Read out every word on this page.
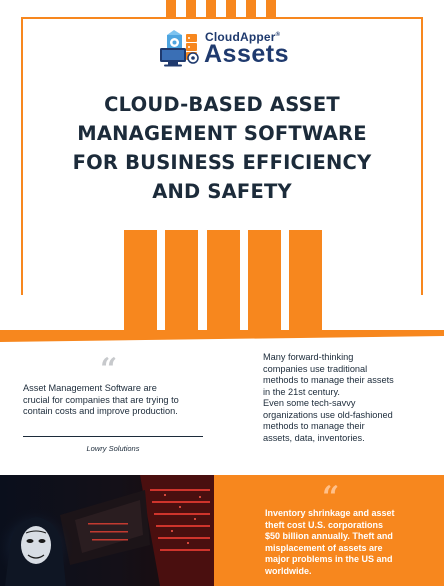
CloudApper®
Assets
CLOUD-BASED ASSET
MANAGEMENT SOFTWARE
FOR BUSINESS EFFICIENCY
AND SAFETY
“
Asset Management Software are
crucial for companies that are trying to
contain costs and improve production.
Lowry Solutions

Many forward-thinking
companies use traditional
methods to manage their assets
in the 21st century.

Even some tech-savvy
organizations use old-fashioned
methods to manage their
assets, data, inventories.

“
Inventory shrinkage and asset
theft cost U.S. corporations
$50 billion annually. Theft and
misplacement of assets are
major problems in the US and
worldwide.
